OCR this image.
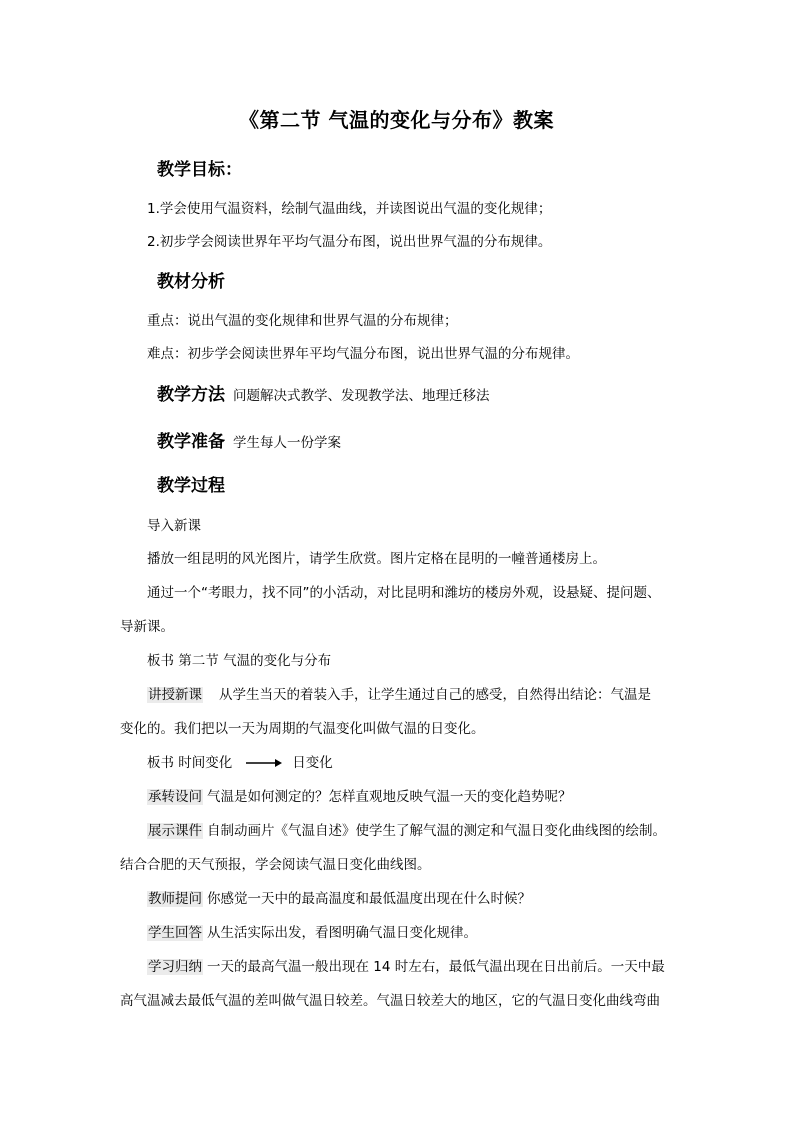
《第二节 气温的变化与分布》教案
教学目标：
1.学会使用气温资料，绘制气温曲线，并读图说出气温的变化规律；
2.初步学会阅读世界年平均气温分布图，说出世界气温的分布规律。
教材分析
重点：说出气温的变化规律和世界气温的分布规律；
难点：初步学会阅读世界年平均气温分布图，说出世界气温的分布规律。
教学方法 问题解决式教学、发现教学法、地理迁移法
教学准备 学生每人一份学案
教学过程
导入新课
播放一组昆明的风光图片，请学生欣赏。图片定格在昆明的一幢普通楼房上。
通过一个“考眼力，找不同”的小活动，对比昆明和潍坊的楼房外观，设悬疑、提问题、
导新课。
板书 第二节 气温的变化与分布
讲授新课 从学生当天的着装入手，让学生通过自己的感受，自然得出结论：气温是
变化的。我们把以一天为周期的气温变化叫做气温的日变化。
板书 时间变化	日变化
承转设问 气温是如何测定的？怎样直观地反映气温一天的变化趋势呢？
展示课件 自制动画片《气温自述》使学生了解气温的测定和气温日变化曲线图的绘制。
结合合肥的天气预报，学会阅读气温日变化曲线图。
教师提问 你感觉一天中的最高温度和最低温度出现在什么时候？
学生回答 从生活实际出发，看图明确气温日变化规律。
学习归纳 一天的最高气温一般出现在 14 时左右，最低气温出现在日出前后。一天中最
高气温减去最低气温的差叫做气温日较差。气温日较差大的地区，它的气温日变化曲线弯曲
